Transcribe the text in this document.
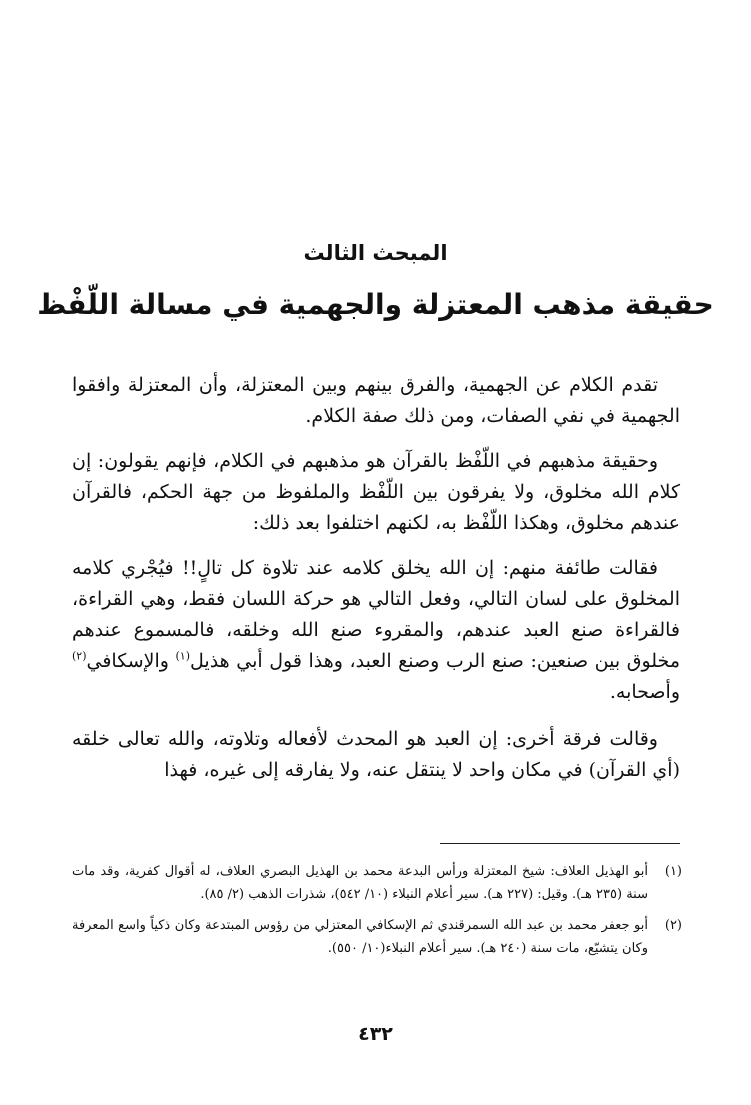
المبحث الثالث
حقيقة مذهب المعتزلة والجهمية في مسالة اللّفْظ

تقدم الكلام عن الجهمية، والفرق بينهم وبين المعتزلة، وأن المعتزلة وافقوا الجهمية في نفي الصفات، ومن ذلك صفة الكلام.

وحقيقة مذهبهم في اللّفْظ بالقرآن هو مذهبهم في الكلام، فإنهم يقولون: إن كلام الله مخلوق، ولا يفرقون بين اللّفْظ والملفوظ من جهة الحكم، فالقرآن عندهم مخلوق، وهكذا اللّفْظ به، لكنهم اختلفوا بعد ذلك:

فقالت طائفة منهم: إن الله يخلق كلامه عند تلاوة كل تالٍ!! فيُجْري كلامه المخلوق على لسان التالي، وفعل التالي هو حركة اللسان فقط، وهي القراءة، فالقراءة صنع العبد عندهم، والمقروء صنع الله وخلقه، فالمسموع عندهم مخلوق بين صنعين: صنع الرب وصنع العبد، وهذا قول أبي هذيل$^{(١)}$ والإسكافي$^{(٢)}$ وأصحابه.

وقالت فرقة أخرى: إن العبد هو المحدث لأفعاله وتلاوته، والله تعالى خلقه (أي القرآن) في مكان واحد لا ينتقل عنه، ولا يفارقه إلى غيره، فهذا

(١)
أبو الهذيل العلاف: شيخ المعتزلة ورأس البدعة محمد بن الهذيل البصري العلاف، له أقوال كفرية، وقد مات سنة (٢٣٥ هـ). وقيل: (٢٢٧ هـ). سير أعلام النبلاء (١٠/ ٥٤٢)، شذرات الذهب (٢/ ٨٥).
(٢)
أبو جعفر محمد بن عبد الله السمرقندي ثم الإسكافي المعتزلي من رؤوس المبتدعة وكان ذكياً واسع المعرفة وكان يتشيّع، مات سنة (٢٤٠ هـ). سير أعلام النبلاء(١٠/ ٥٥٠).
٤٣٢
